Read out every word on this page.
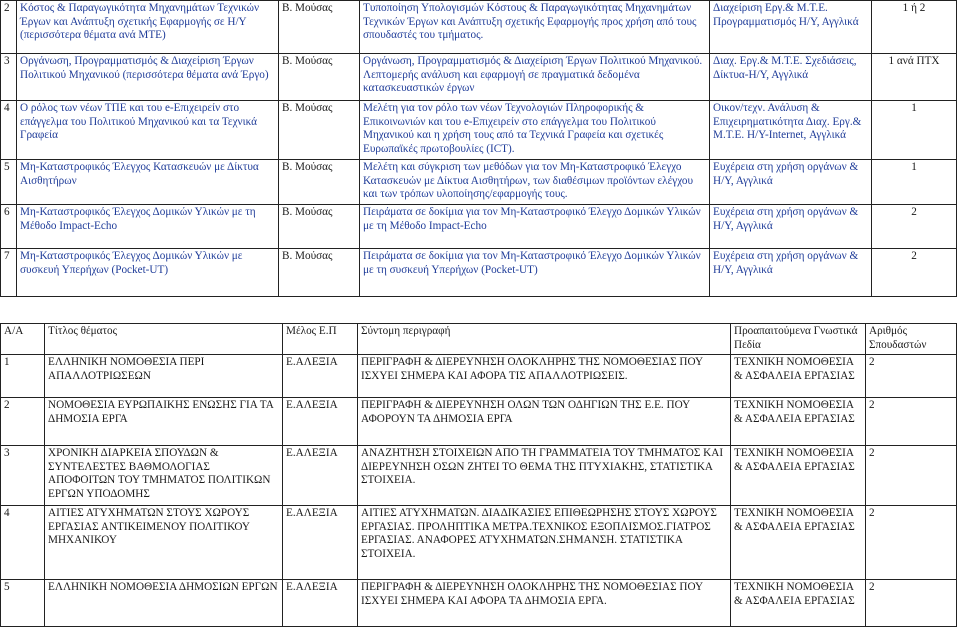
2	Κόστος & Παραγωγικότητα Μηχανημάτων Τεχνικών Έργων και Ανάπτυξη σχετικής Εφαρμογής σε Η/Υ (περισσότερα θέματα ανά ΜΤΕ)	Β. Μούσας	Τυποποίηση Υπολογισμών Κόστους & Παραγωγικότητας Μηχανημάτων Τεχνικών Έργων και Ανάπτυξη σχετικής Εφαρμογής προς χρήση από τους σπουδαστές του τμήματος.	Διαχείριση Εργ.& Μ.Τ.Ε. Προγραμματισμός Η/Υ, Αγγλικά	1 ή 2
3	Οργάνωση, Προγραμματισμός & Διαχείριση Έργων Πολιτικού Μηχανικού (περισσότερα θέματα ανά Έργο)	Β. Μούσας	Οργάνωση, Προγραμματισμός & Διαχείριση Έργων Πολιτικού Μηχανικού. Λεπτομερής ανάλυση και εφαρμογή σε πραγματικά δεδομένα κατασκευαστικών έργων	Διαχ. Εργ.& Μ.Τ.Ε. Σχεδιάσεις, Δίκτυα-Η/Υ, Αγγλικά	1 ανά ΠΤΧ
4	Ο ρόλος των νέων ΤΠΕ και του e-Επιχειρείν στο επάγγελμα του Πολιτικού Μηχανικού και τα Τεχνικά Γραφεία	Β. Μούσας	Μελέτη για τον ρόλο των νέων Τεχνολογιών Πληροφορικής & Επικοινωνιών και του e-Επιχειρείν στο επάγγελμα του Πολιτικού Μηχανικού και η χρήση τους από τα Τεχνικά Γραφεία και σχετικές Ευρωπαϊκές πρωτοβουλίες (ICT).	Οικον/τεχν. Ανάλυση & Επιχειρηματικότητα Διαχ. Εργ.& Μ.Τ.Ε. Η/Υ-Internet, Αγγλικά	1
5	Μη-Καταστροφικός Έλεγχος Κατασκευών με Δίκτυα Αισθητήρων	Β. Μούσας	Μελέτη και σύγκριση των μεθόδων για τον Μη-Καταστροφικό Έλεγχο Κατασκευών με Δίκτυα Αισθητήρων, των διαθέσιμων προϊόντων ελέγχου και των τρόπων υλοποίησης/εφαρμογής τους.	Ευχέρεια στη χρήση οργάνων & Η/Υ, Αγγλικά	1
6	Μη-Καταστροφικός Έλεγχος Δομικών Υλικών με τη Μέθοδο Impact-Echo	Β. Μούσας	Πειράματα σε δοκίμια για τον Μη-Καταστροφικό Έλεγχο Δομικών Υλικών με τη Μέθοδο Impact-Echo	Ευχέρεια στη χρήση οργάνων & Η/Υ, Αγγλικά	2
7	Μη-Καταστροφικός Έλεγχος Δομικών Υλικών με συσκευή Υπερήχων (Pocket-UT)	Β. Μούσας	Πειράματα σε δοκίμια για τον Μη-Καταστροφικό Έλεγχο Δομικών Υλικών με τη συσκευή Υπερήχων (Pocket-UT)	Ευχέρεια στη χρήση οργάνων & Η/Υ, Αγγλικά	2
Α/Α	Τίτλος θέματος	Μέλος Ε.Π	Σύντομη περιγραφή	Προαπαιτούμενα Γνωστικά Πεδία	Αριθμός Σπουδαστών
1	ΕΛΛΗΝΙΚΗ ΝΟΜΟΘΕΣΙΑ ΠΕΡΙ ΑΠΑΛΛΟΤΡΙΩΣΕΩΝ	Ε.ΑΛΕΞΙΑ	ΠΕΡΙΓΡΑΦΗ & ΔΙΕΡΕΥΝΗΣΗ ΟΛΟΚΛΗΡΗΣ ΤΗΣ ΝΟΜΟΘΕΣΙΑΣ ΠΟΥ ΙΣΧΥΕΙ ΣΗΜΕΡΑ ΚΑΙ ΑΦΟΡΑ ΤΙΣ ΑΠΑΛΛΟΤΡΙΩΣΕΙΣ.	ΤΕΧΝΙΚΗ ΝΟΜΟΘΕΣΙΑ & ΑΣΦΑΛΕΙΑ ΕΡΓΑΣΙΑΣ	2
2	ΝΟΜΟΘΕΣΙΑ ΕΥΡΩΠΑΙΚΗΣ ΕΝΩΣΗΣ ΓΙΑ ΤΑ ΔΗΜΟΣΙΑ ΕΡΓΑ	Ε.ΑΛΕΞΙΑ	ΠΕΡΙΓΡΑΦΗ & ΔΙΕΡΕΥΝΗΣΗ ΟΛΩΝ ΤΩΝ ΟΔΗΓΙΩΝ ΤΗΣ Ε.Ε. ΠΟΥ ΑΦΟΡΟΥΝ ΤΑ ΔΗΜΟΣΙΑ ΕΡΓΑ	ΤΕΧΝΙΚΗ ΝΟΜΟΘΕΣΙΑ & ΑΣΦΑΛΕΙΑ ΕΡΓΑΣΙΑΣ	2
3	ΧΡΟΝΙΚΗ ΔΙΑΡΚΕΙΑ ΣΠΟΥΔΩΝ & ΣΥΝΤΕΛΕΣΤΕΣ ΒΑΘΜΟΛΟΓΙΑΣ ΑΠΟΦΟΙΤΩΝ ΤΟΥ ΤΜΗΜΑΤΟΣ ΠΟΛΙΤΙΚΩΝ ΕΡΓΩΝ ΥΠΟΔΟΜΗΣ	Ε.ΑΛΕΞΙΑ	ΑΝΑΖΗΤΗΣΗ ΣΤΟΙΧΕΙΩΝ ΑΠΟ ΤΗ ΓΡΑΜΜΑΤΕΙΑ ΤΟΥ ΤΜΗΜΑΤΟΣ ΚΑΙ ΔΙΕΡΕΥΝΗΣΗ ΟΣΩΝ ΖΗΤΕΙ ΤΟ ΘΕΜΑ ΤΗΣ ΠΤΥΧΙΑΚΗΣ, ΣΤΑΤΙΣΤΙΚΑ ΣΤΟΙΧΕΙΑ.	ΤΕΧΝΙΚΗ ΝΟΜΟΘΕΣΙΑ & ΑΣΦΑΛΕΙΑ ΕΡΓΑΣΙΑΣ	2
4	ΑΙΤΙΕΣ ΑΤΥΧΗΜΑΤΩΝ ΣΤΟΥΣ ΧΩΡΟΥΣ ΕΡΓΑΣΙΑΣ ΑΝΤΙΚΕΙΜΕΝΟΥ ΠΟΛΙΤΙΚΟΥ ΜΗΧΑΝΙΚΟΥ	Ε.ΑΛΕΞΙΑ	ΑΙΤΙΕΣ ΑΤΥΧΗΜΑΤΩΝ. ΔΙΑΔΙΚΑΣΙΕΣ ΕΠΙΘΕΩΡΗΣΗΣ ΣΤΟΥΣ ΧΩΡΟΥΣ ΕΡΓΑΣΙΑΣ. ΠΡΟΛΗΠΤΙΚΑ ΜΕΤΡΑ.ΤΕΧΝΙΚΟΣ ΕΞΟΠΛΙΣΜΟΣ.ΓΙΑΤΡΟΣ ΕΡΓΑΣΙΑΣ. ΑΝΑΦΟΡΕΣ ΑΤΥΧΗΜΑΤΩΝ.ΣΗΜΑΝΣΗ. ΣΤΑΤΙΣΤΙΚΑ ΣΤΟΙΧΕΙΑ.	ΤΕΧΝΙΚΗ ΝΟΜΟΘΕΣΙΑ & ΑΣΦΑΛΕΙΑ ΕΡΓΑΣΙΑΣ	2
5	ΕΛΛΗΝΙΚΗ ΝΟΜΟΘΕΣΙΑ ΔΗΜΟΣΙΩΝ ΕΡΓΩΝ	Ε.ΑΛΕΞΙΑ	ΠΕΡΙΓΡΑΦΗ & ΔΙΕΡΕΥΝΗΣΗ ΟΛΟΚΛΗΡΗΣ ΤΗΣ ΝΟΜΟΘΕΣΙΑΣ ΠΟΥ ΙΣΧΥΕΙ ΣΗΜΕΡΑ ΚΑΙ ΑΦΟΡΑ ΤΑ ΔΗΜΟΣΙΑ ΕΡΓΑ.	ΤΕΧΝΙΚΗ ΝΟΜΟΘΕΣΙΑ & ΑΣΦΑΛΕΙΑ ΕΡΓΑΣΙΑΣ	2
